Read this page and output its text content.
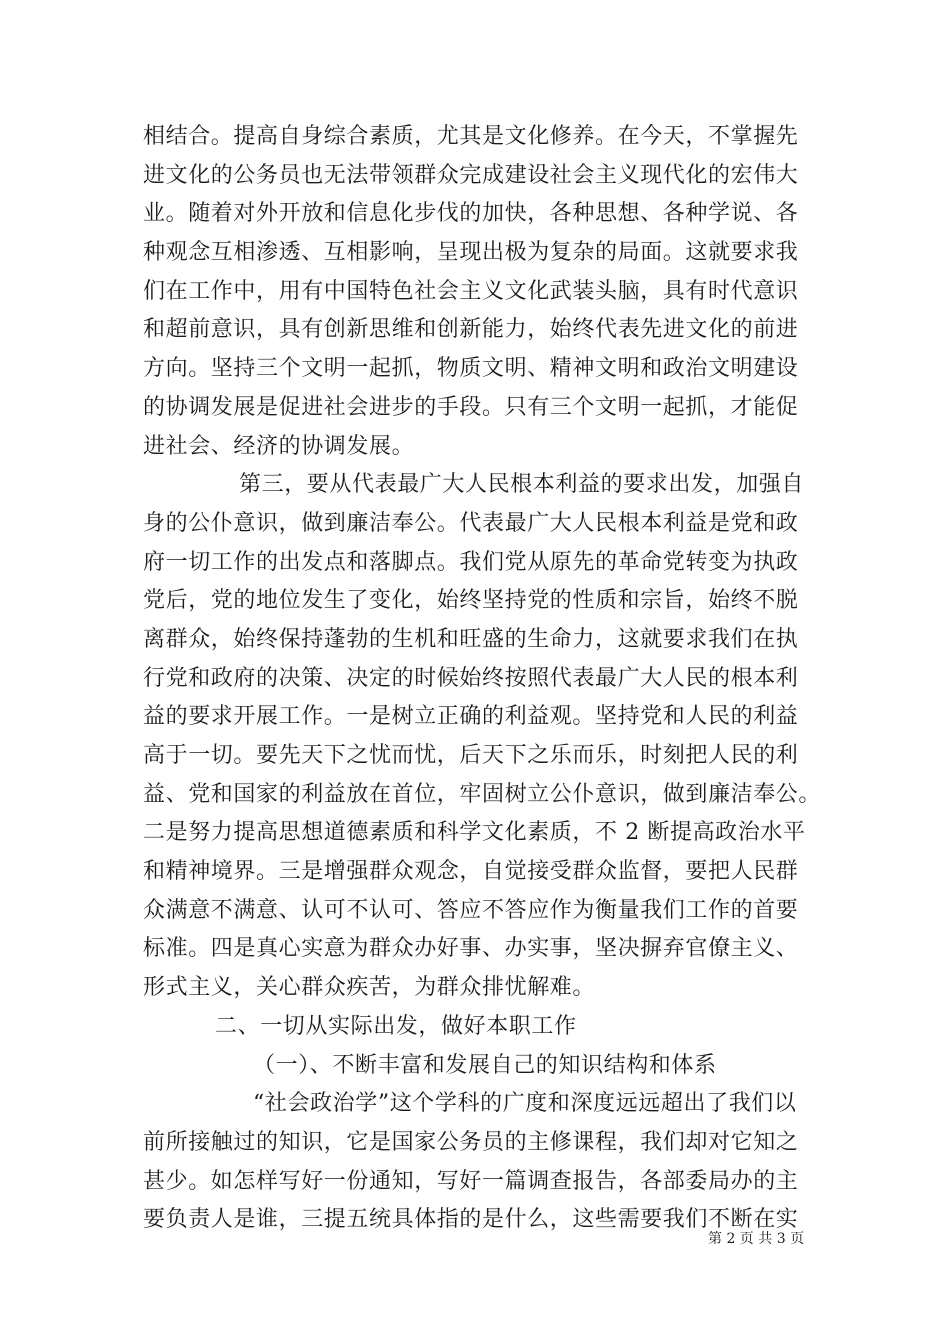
相结合。提高自身综合素质，尤其是文化修养。在今天，不掌握先
进文化的公务员也无法带领群众完成建设社会主义现代化的宏伟大
业。随着对外开放和信息化步伐的加快，各种思想、各种学说、各
种观念互相渗透、互相影响，呈现出极为复杂的局面。这就要求我
们在工作中，用有中国特色社会主义文化武装头脑，具有时代意识
和超前意识，具有创新思维和创新能力，始终代表先进文化的前进
方向。坚持三个文明一起抓，物质文明、精神文明和政治文明建设
的协调发展是促进社会进步的手段。只有三个文明一起抓，才能促
进社会、经济的协调发展。
第三，要从代表最广大人民根本利益的要求出发，加强自
身的公仆意识，做到廉洁奉公。代表最广大人民根本利益是党和政
府一切工作的出发点和落脚点。我们党从原先的革命党转变为执政
党后，党的地位发生了变化，始终坚持党的性质和宗旨，始终不脱
离群众，始终保持蓬勃的生机和旺盛的生命力，这就要求我们在执
行党和政府的决策、决定的时候始终按照代表最广大人民的根本利
益的要求开展工作。一是树立正确的利益观。坚持党和人民的利益
高于一切。要先天下之忧而忧，后天下之乐而乐，时刻把人民的利
益、党和国家的利益放在首位，牢固树立公仆意识，做到廉洁奉公。
二是努力提高思想道德素质和科学文化素质，不 2 断提高政治水平
和精神境界。三是增强群众观念，自觉接受群众监督，要把人民群
众满意不满意、认可不认可、答应不答应作为衡量我们工作的首要
标准。四是真心实意为群众办好事、办实事，坚决摒弃官僚主义、
形式主义，关心群众疾苦，为群众排忧解难。
二、一切从实际出发，做好本职工作
（一）、不断丰富和发展自己的知识结构和体系
“社会政治学”这个学科的广度和深度远远超出了我们以
前所接触过的知识，它是国家公务员的主修课程，我们却对它知之
甚少。如怎样写好一份通知，写好一篇调查报告，各部委局办的主
要负责人是谁，三提五统具体指的是什么，这些需要我们不断在实
第 2 页 共 3 页
